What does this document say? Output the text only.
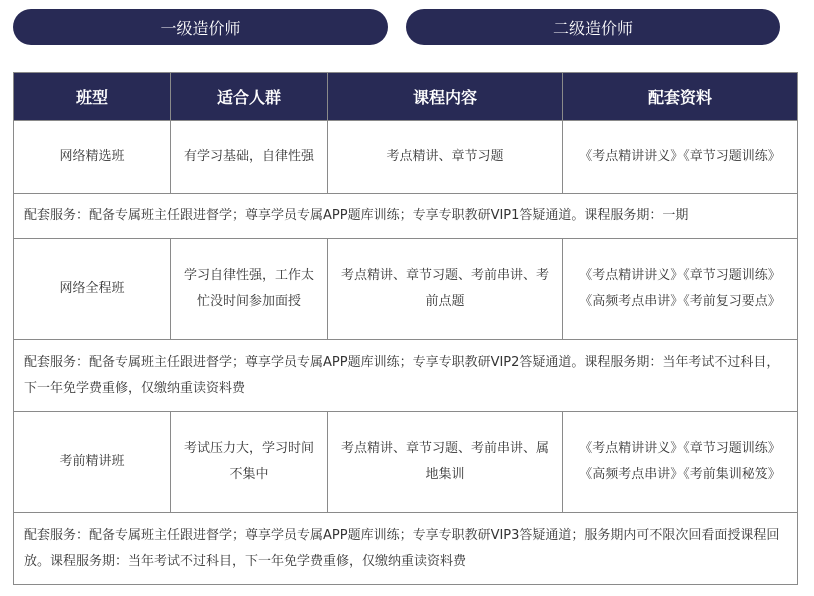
一级造价师	二级造价师
班型	适合人群	课程内容	配套资料
网络精选班	有学习基础，自律性强	考点精讲、章节习题	《考点精讲讲义》《章节习题训练》
配套服务：配备专属班主任跟进督学；尊享学员专属APP题库训练；专享专职教研VIP1答疑通道。课程服务期：一期			
网络全程班	学习自律性强，工作太忙没时间参加面授	考点精讲、章节习题、考前串讲、考前点题	《考点精讲讲义》《章节习题训练》《高频考点串讲》《考前复习要点》
配套服务：配备专属班主任跟进督学；尊享学员专属APP题库训练；专享专职教研VIP2答疑通道。课程服务期：当年考试不过科目，下一年免学费重修，仅缴纳重读资料费			
考前精讲班	考试压力大，学习时间不集中	考点精讲、章节习题、考前串讲、属地集训	《考点精讲讲义》《章节习题训练》《高频考点串讲》《考前集训秘笈》
配套服务：配备专属班主任跟进督学；尊享学员专属APP题库训练；专享专职教研VIP3答疑通道；服务期内可不限次回看面授课程回放。课程服务期：当年考试不过科目，下一年免学费重修，仅缴纳重读资料费			
